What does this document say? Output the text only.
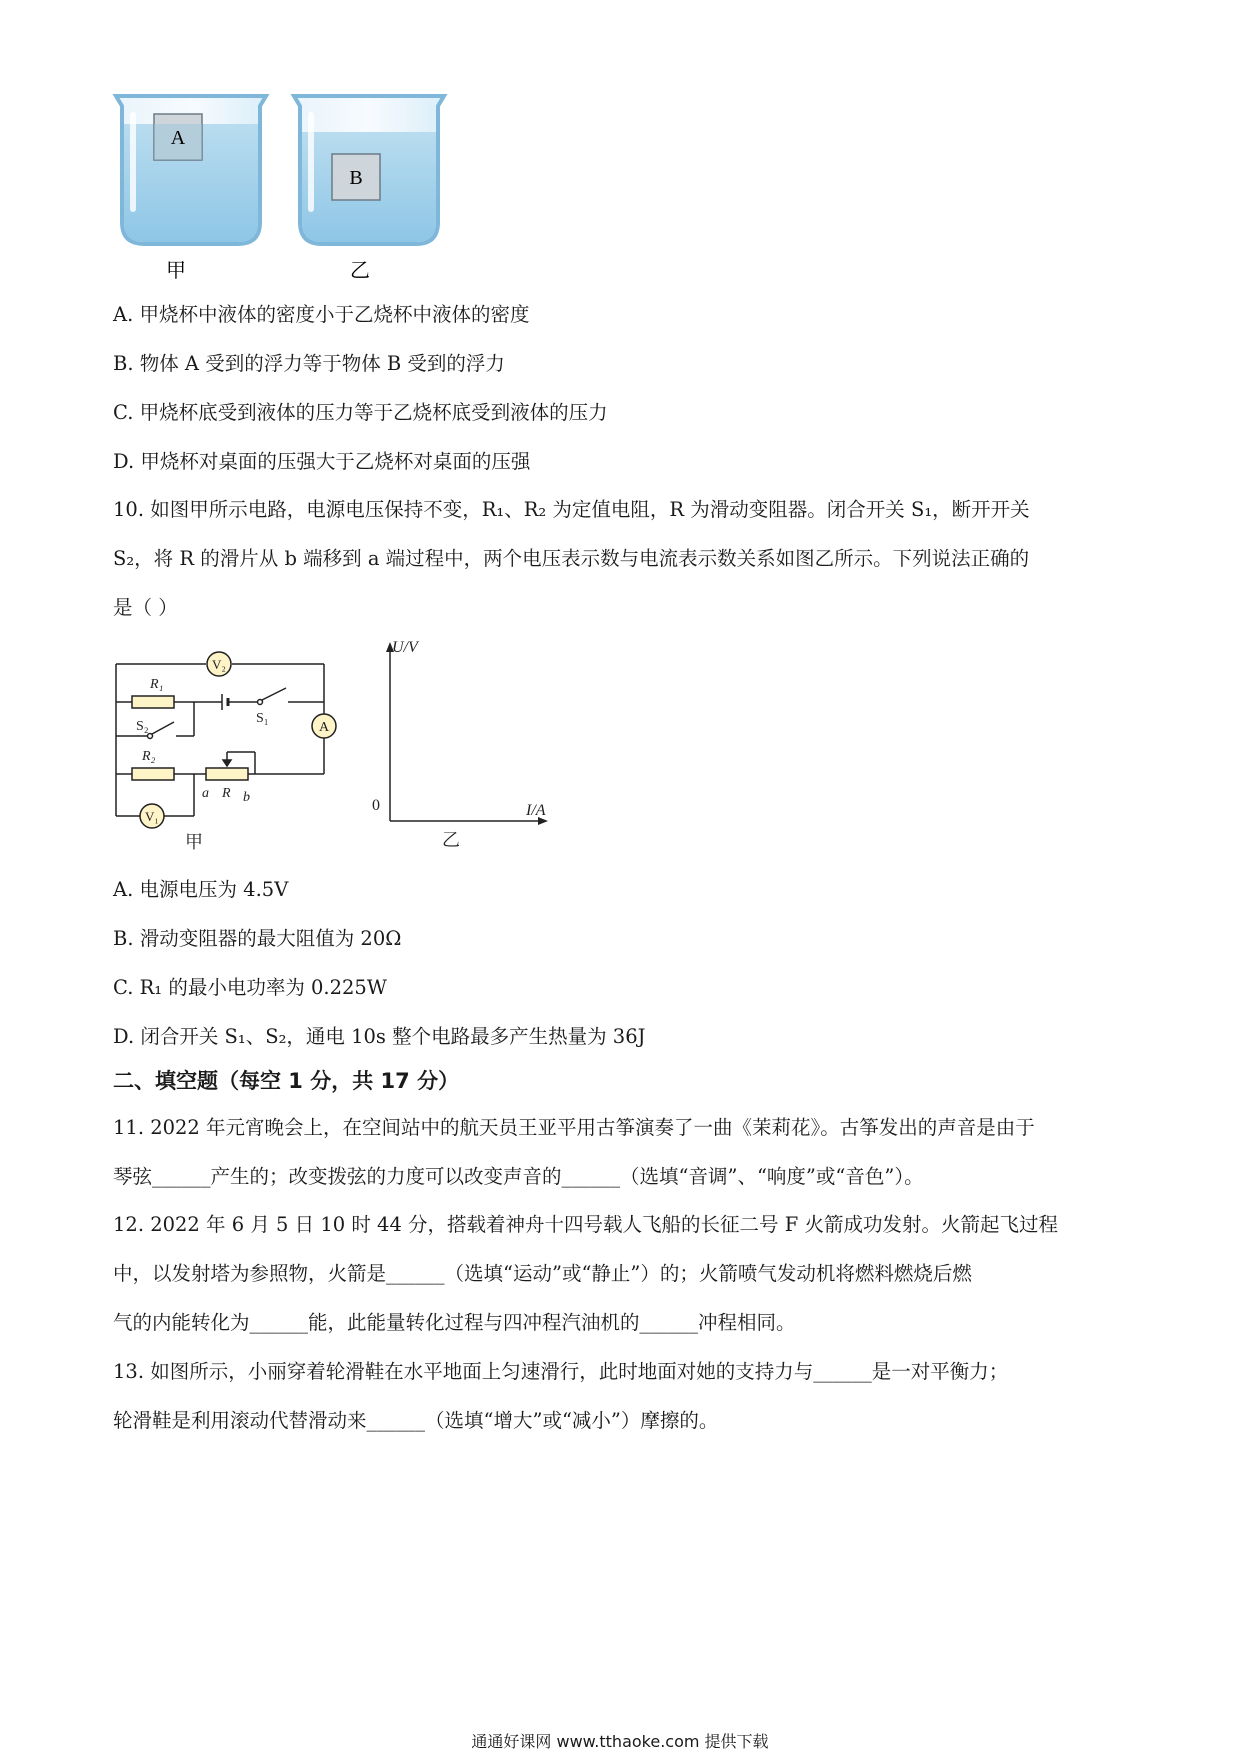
A
甲
B
乙
A. 甲烧杯中液体的密度小于乙烧杯中液体的密度
B. 物体 A 受到的浮力等于物体 B 受到的浮力
C. 甲烧杯底受到液体的压力等于乙烧杯底受到液体的压力
D. 甲烧杯对桌面的压强大于乙烧杯对桌面的压强
10. 如图甲所示电路，电源电压保持不变，R₁、R₂ 为定值电阻，R 为滑动变阻器。闭合开关 S₁，断开开关
S₂，将 R 的滑片从 b 端移到 a 端过程中，两个电压表示数与电流表示数关系如图乙所示。下列说法正确的
是（ ）
V₂
A
R₁
S₁
S₂
R₂
a R b
V₁
甲
U/V
I/A
0
乙
A. 电源电压为 4.5V
B. 滑动变阻器的最大阻值为 20Ω
C. R₁ 的最小电功率为 0.225W
D. 闭合开关 S₁、S₂，通电 10s 整个电路最多产生热量为 36J
二、填空题（每空 1 分，共 17 分）
11. 2022 年元宵晚会上，在空间站中的航天员王亚平用古筝演奏了一曲《茉莉花》。古筝发出的声音是由于
琴弦______产生的；改变拨弦的力度可以改变声音的______（选填“音调”、“响度”或“音色”）。
12. 2022 年 6 月 5 日 10 时 44 分，搭载着神舟十四号载人飞船的长征二号 F 火箭成功发射。火箭起飞过程
中，以发射塔为参照物，火箭是______（选填“运动”或“静止”）的；火箭喷气发动机将燃料燃烧后燃
气的内能转化为______能，此能量转化过程与四冲程汽油机的______冲程相同。
13. 如图所示，小丽穿着轮滑鞋在水平地面上匀速滑行，此时地面对她的支持力与______是一对平衡力；
轮滑鞋是利用滚动代替滑动来______（选填“增大”或“减小”）摩擦的。
通通好课网 www.tthaoke.com 提供下载
